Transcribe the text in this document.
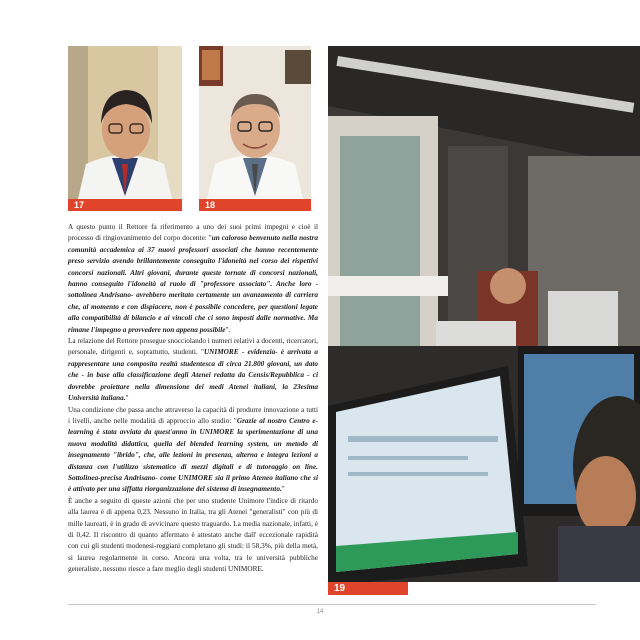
17	18
19

A questo punto il Rettore fa riferimento a uno dei suoi primi impegni e cioè il processo di ringiovanimento del corpo docente: "un caloroso benvenuto nella nostra comunità accademica ai 37 nuovi professori associati che hanno recentemente preso servizio avendo brillantemente conseguito l'idoneità nel corso dei rispettivi concorsi nazionali. Altri giovani, durante queste tornate di concorsi nazionali, hanno conseguito l'idoneità al ruolo di "professore associato". Anche loro -sottolinea Andrisano- avrebbero meritato certamente un avanzamento di carriera che, al momento e con dispiacere, non è possibile concedere, per questioni legate alla compatibilità di bilancio e ai vincoli che ci sono imposti dalle normative. Ma rimane l'impegno a provvedere non appena possibile".

La relazione del Rettore prosegue snocciolando i numeri relativi a docenti, ricercatori, personale, dirigenti e, soprattutto, studenti. "UNIMORE - evidenzia- è arrivata a rappresentare una composita realtà studentesca di circa 21.800 giovani, un dato che - in base alla classificazione degli Atenei redatta da Censis/Repubblica - ci dovrebbe proiettare nella dimensione dei medi Atenei italiani, la 23esima Università italiana."

Una condizione che passa anche attraverso la capacità di produrre innovazione a tutti i livelli, anche nelle modalità di approccio allo studio: "Grazie al nostro Centro e-learning è stata avviata da quest'anno in UNIMORE la sperimentazione di una nuova modalità didattica, quella del blended learning system, un metodo di insegnamento "ibrido", che, alle lezioni in presenza, alterna e integra lezioni a distanza con l'utilizzo sistematico di mezzi digitali e di tutoraggio on line. Sottolinea-precisa Andrisano- come UNIMORE sia il primo Ateneo italiano che si è attivato per una siffatta riorganizzazione del sistema di insegnamento."

È anche a seguito di queste azioni che per uno studente Unimore l'indice di ritardo alla laurea è di appena 0,23. Nessuno in Italia, tra gli Atenei "generalisti" con più di mille laureati, è in grado di avvicinare questo traguardo. La media nazionale, infatti, è di 0,42. Il riscontro di quanto affermato è attestato anche dall' eccezionale rapidità con cui gli studenti modenesi-reggiani completano gli studi: il 58,3%, più della metà, si laurea regolarmente in corso. Ancora una volta, tra le università pubbliche generaliste, nessuno riesce a fare meglio degli studenti UNIMORE.

14
